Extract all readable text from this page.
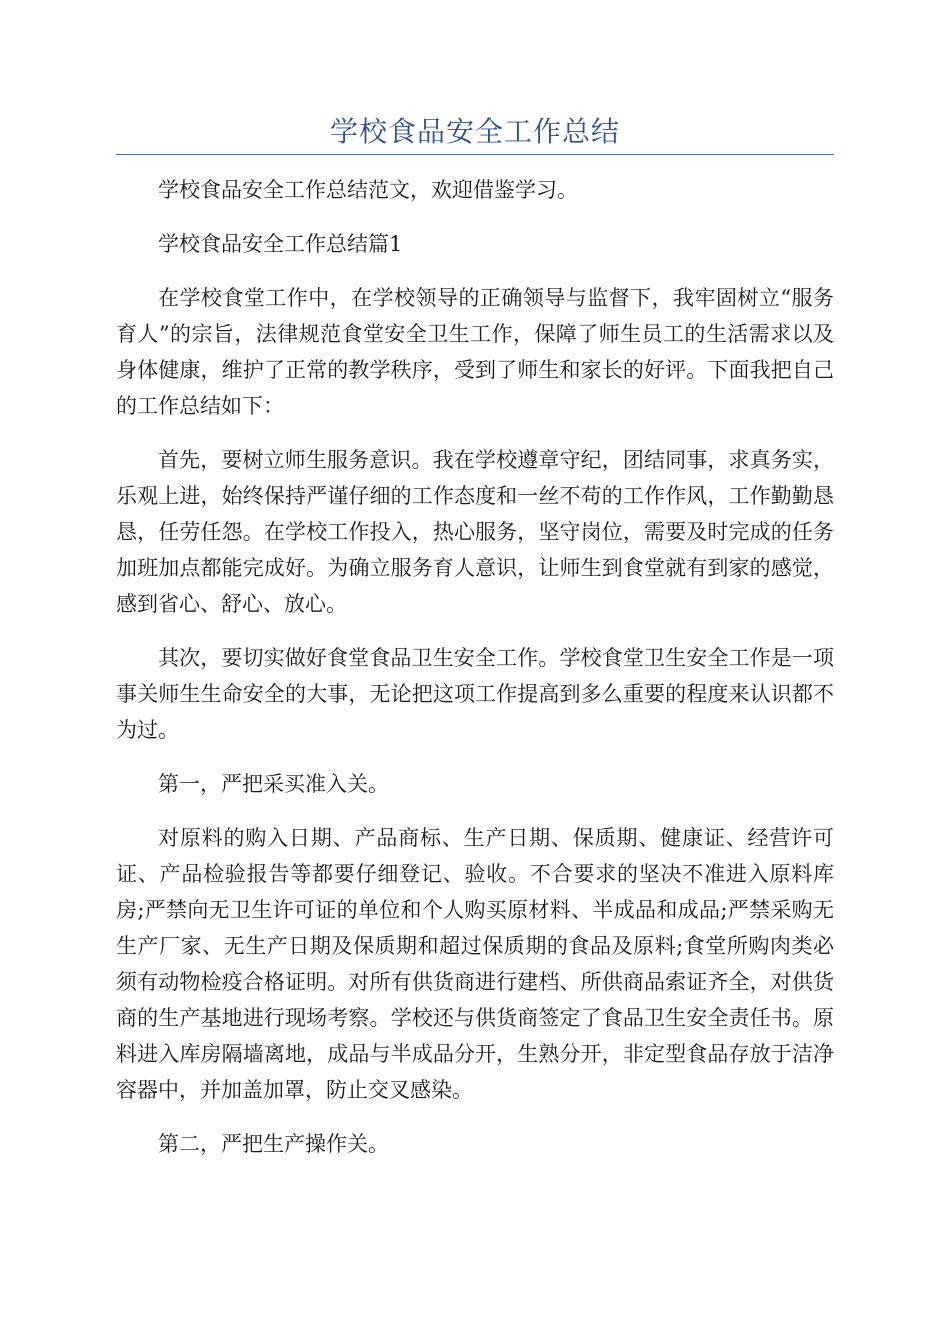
学校食品安全工作总结

学校食品安全工作总结范文，欢迎借鉴学习。

学校食品安全工作总结篇1

在学校食堂工作中，在学校领导的正确领导与监督下，我牢固树立“服务育人”的宗旨，法律规范食堂安全卫生工作，保障了师生员工的生活需求以及身体健康，维护了正常的教学秩序，受到了师生和家长的好评。下面我把自己的工作总结如下：

首先，要树立师生服务意识。我在学校遵章守纪，团结同事，求真务实，乐观上进，始终保持严谨仔细的工作态度和一丝不苟的工作作风，工作勤勤恳恳，任劳任怨。在学校工作投入，热心服务，坚守岗位，需要及时完成的任务加班加点都能完成好。为确立服务育人意识，让师生到食堂就有到家的感觉，感到省心、舒心、放心。

其次，要切实做好食堂食品卫生安全工作。学校食堂卫生安全工作是一项事关师生生命安全的大事，无论把这项工作提高到多么重要的程度来认识都不为过。

第一，严把采买准入关。

对原料的购入日期、产品商标、生产日期、保质期、健康证、经营许可证、产品检验报告等都要仔细登记、验收。不合要求的坚决不准进入原料库房;严禁向无卫生许可证的单位和个人购买原材料、半成品和成品;严禁采购无生产厂家、无生产日期及保质期和超过保质期的食品及原料;食堂所购肉类必须有动物检疫合格证明。对所有供货商进行建档、所供商品索证齐全，对供货商的生产基地进行现场考察。学校还与供货商签定了食品卫生安全责任书。原料进入库房隔墙离地，成品与半成品分开，生熟分开，非定型食品存放于洁净容器中，并加盖加罩，防止交叉感染。

第二，严把生产操作关。
